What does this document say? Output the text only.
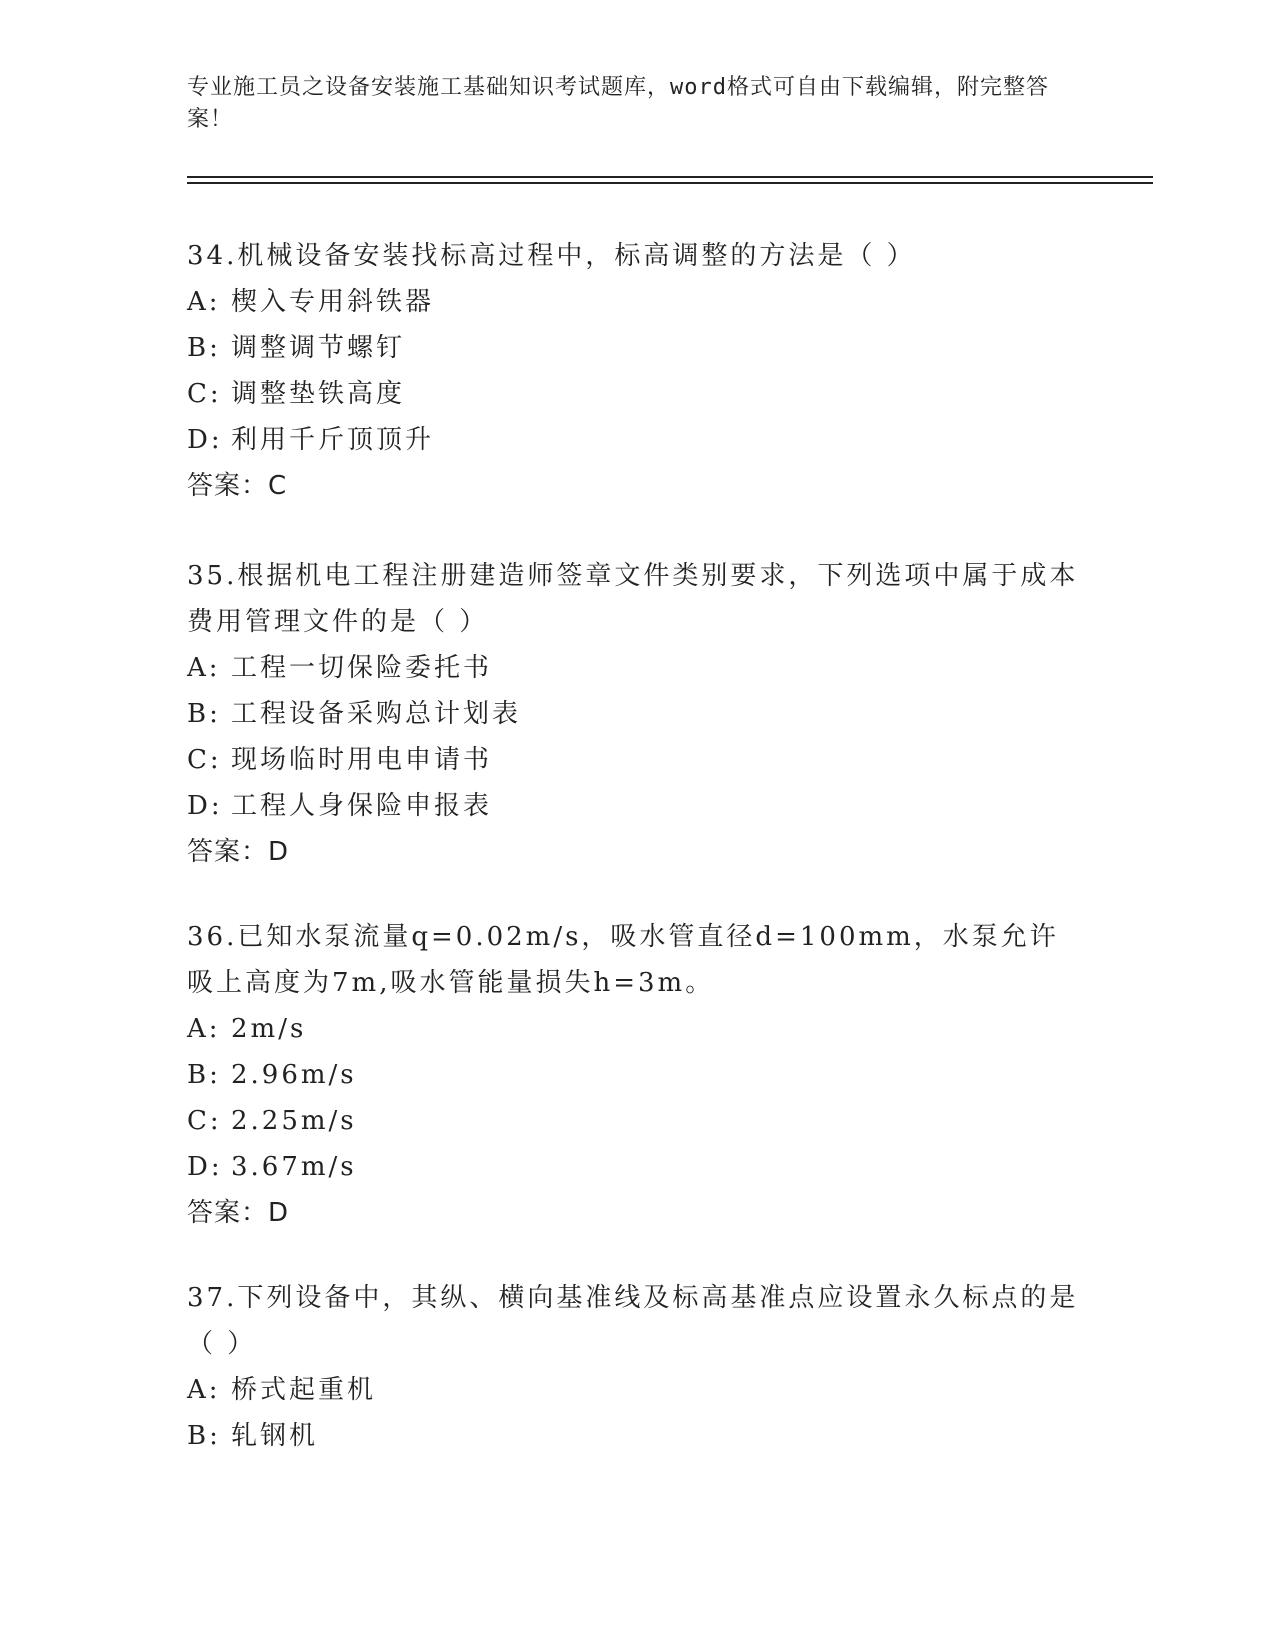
专业施工员之设备安装施工基础知识考试题库，word格式可自由下载编辑，附完整答案！

34.机械设备安装找标高过程中，标高调整的方法是（ ）

A: 楔入专用斜铁器
B: 调整调节螺钉
C: 调整垫铁高度
D: 利用千斤顶顶升
答案：C

35.根据机电工程注册建造师签章文件类别要求，下列选项中属于成本费用管理文件的是（ ）

A: 工程一切保险委托书
B: 工程设备采购总计划表
C: 现场临时用电申请书
D: 工程人身保险申报表
答案：D

36.已知水泵流量q=0.02m/s，吸水管直径d=100mm，水泵允许吸上高度为7m,吸水管能量损失h=3m。

A: 2m/s
B: 2.96m/s
C: 2.25m/s
D: 3.67m/s
答案：D

37.下列设备中，其纵、横向基准线及标高基准点应设置永久标点的是（ ）

A: 桥式起重机
B: 轧钢机
